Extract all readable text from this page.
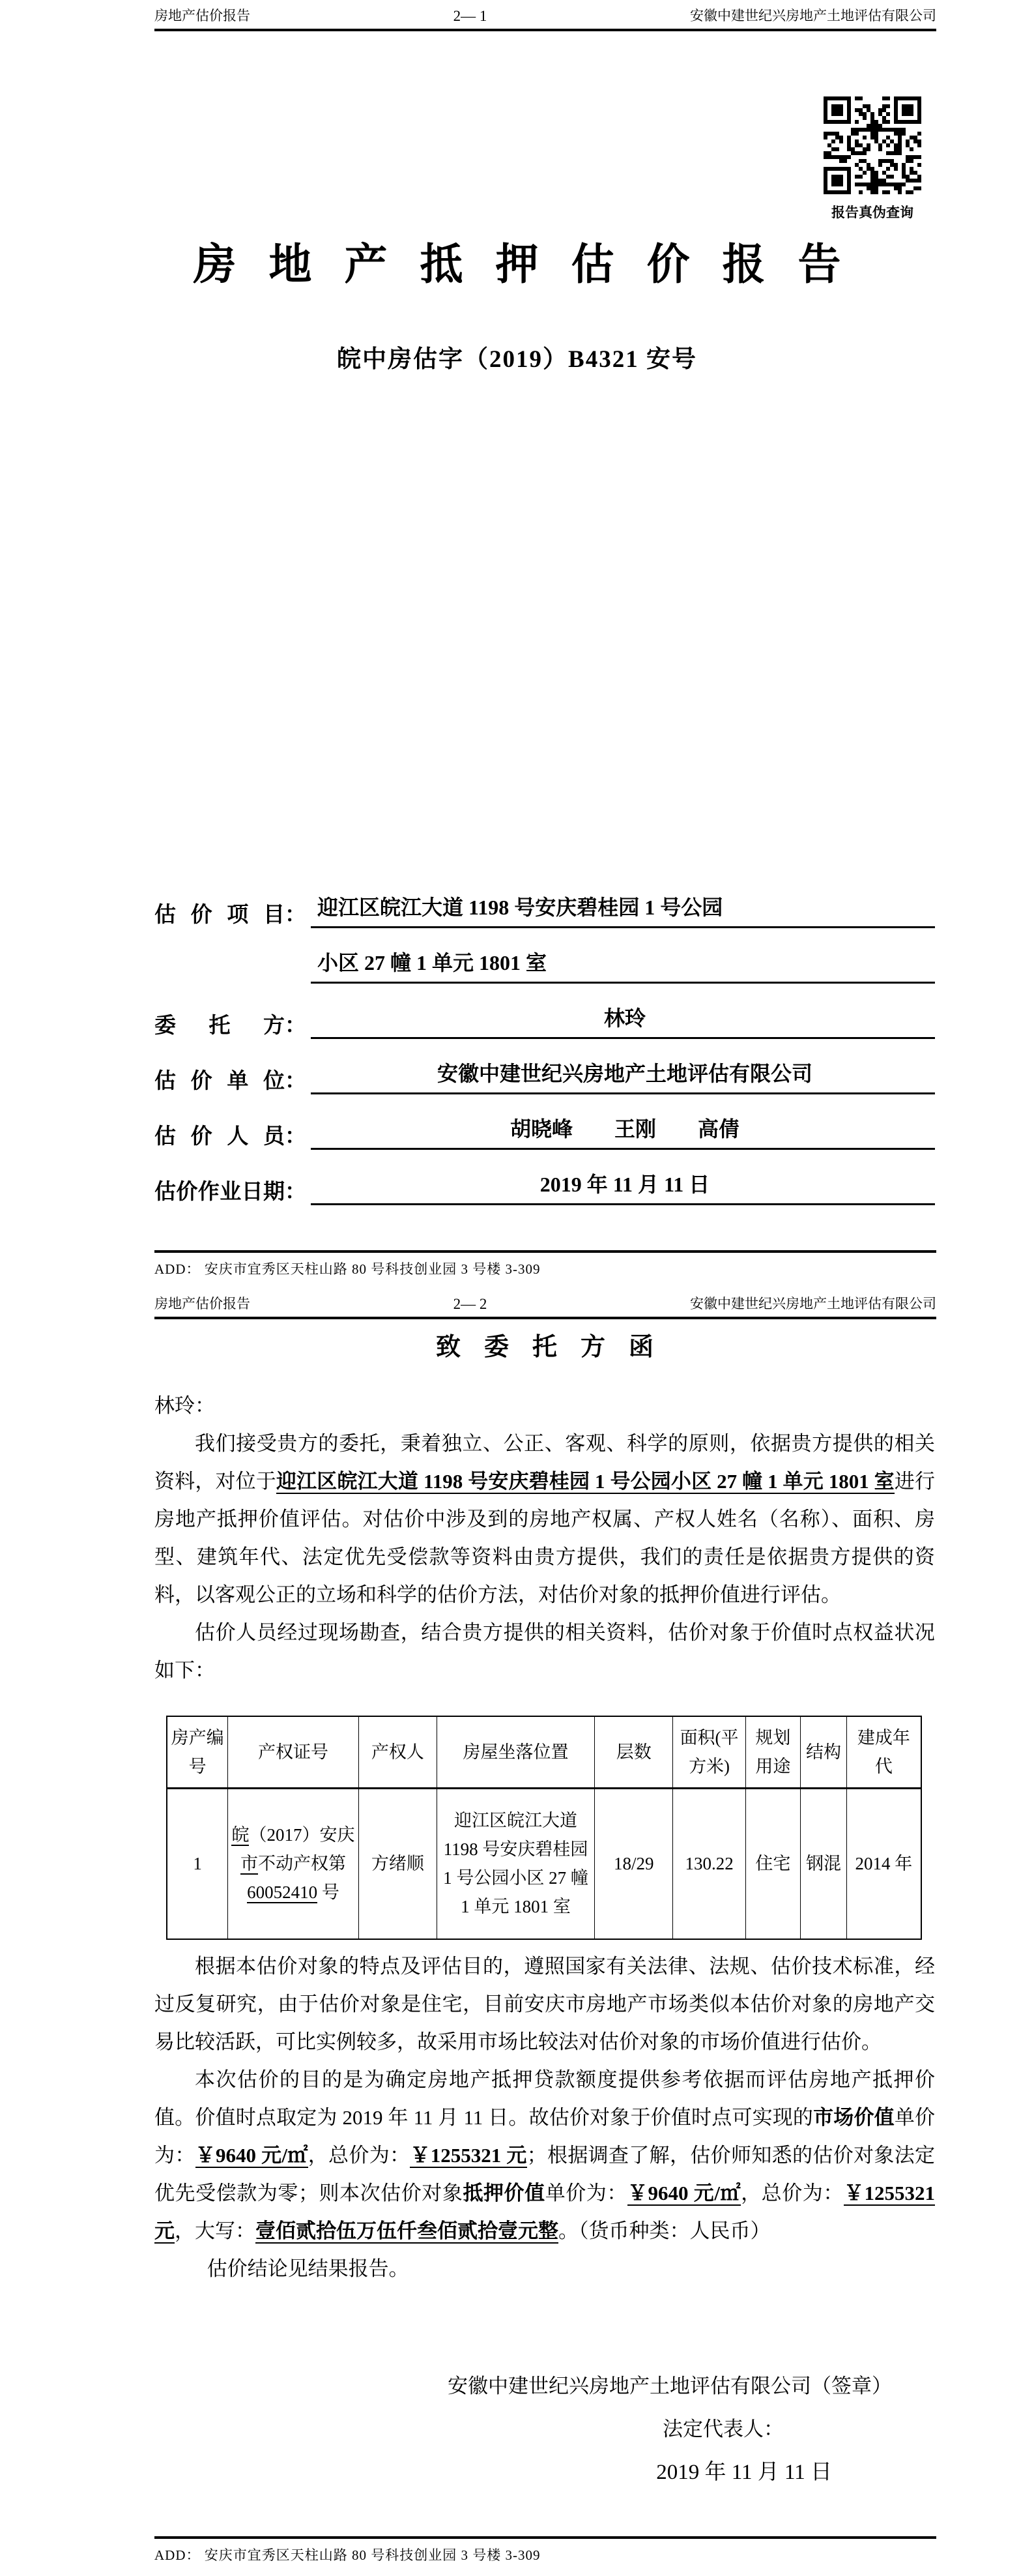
房地产估价报告	2— 1	安徽中建世纪兴房地产土地评估有限公司
报告真伪查询
房地产抵押估价报告
皖中房估字（2019）B4321 安号
估价项目： 迎江区皖江大道 1198 号安庆碧桂园 1 号公园
小区 27 幢 1 单元 1801 室
委托方：	林玲
估价单位：	安徽中建世纪兴房地产土地评估有限公司
估价人员：	胡晓峰　　王刚　　高倩
估价作业日期：	2019 年 11 月 11 日
ADD： 安庆市宜秀区天柱山路 80 号科技创业园 3 号楼 3-309
房地产估价报告	2— 2	安徽中建世纪兴房地产土地评估有限公司
致委托方函

林玲：

我们接受贵方的委托，秉着独立、公正、客观、科学的原则，依据贵方提供的相关资料，对位于迎江区皖江大道 1198 号安庆碧桂园 1 号公园小区 27 幢 1 单元 1801 室进行房地产抵押价值评估。对估价中涉及到的房地产权属、产权人姓名（名称）、面积、房型、建筑年代、法定优先受偿款等资料由贵方提供，我们的责任是依据贵方提供的资料，以客观公正的立场和科学的估价方法，对估价对象的抵押价值进行评估。

估价人员经过现场勘查，结合贵方提供的相关资料，估价对象于价值时点权益状况如下：

房产编号	产权证号	产权人	房屋坐落位置	层数	面积(平方米)	规划用途	结构	建成年代
1	皖（2017）安庆市不动产权第 60052410 号	方绪顺	迎江区皖江大道 1198 号安庆碧桂园 1 号公园小区 27 幢 1 单元 1801 室	18/29	130.22	住宅	钢混	2014 年

根据本估价对象的特点及评估目的，遵照国家有关法律、法规、估价技术标准，经过反复研究，由于估价对象是住宅，目前安庆市房地产市场类似本估价对象的房地产交易比较活跃，可比实例较多，故采用市场比较法对估价对象的市场价值进行估价。

本次估价的目的是为确定房地产抵押贷款额度提供参考依据而评估房地产抵押价值。价值时点取定为 2019 年 11 月 11 日。故估价对象于价值时点可实现的市场价值单价为：￥9640 元/㎡，总价为：￥1255321 元；根据调查了解，估价师知悉的估价对象法定优先受偿款为零；则本次估价对象抵押价值单价为：￥9640 元/㎡，总价为：￥1255321 元，大写：壹佰贰拾伍万伍仟叁佰贰拾壹元整。（货币种类：人民币）

估价结论见结果报告。

安徽中建世纪兴房地产土地评估有限公司（签章）
法定代表人：
2019 年 11 月 11 日
ADD： 安庆市宜秀区天柱山路 80 号科技创业园 3 号楼 3-309
